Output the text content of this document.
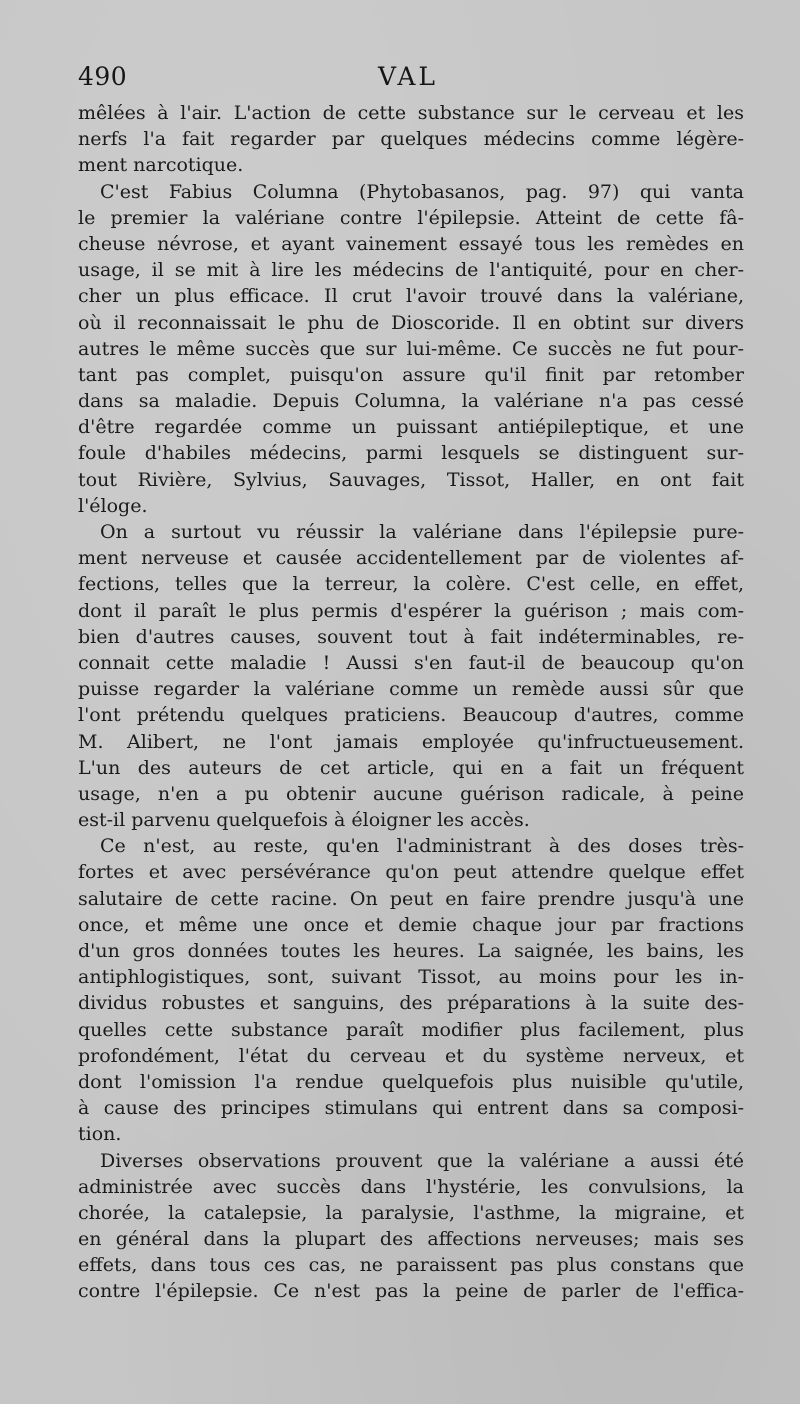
490	VAL
mêlées à l'air. L'action de cette substance sur le cerveau et les
nerfs l'a fait regarder par quelques médecins comme légère-
ment narcotique.
C'est Fabius Columna (Phytobasanos, pag. 97) qui vanta
le premier la valériane contre l'épilepsie. Atteint de cette fâ-
cheuse névrose, et ayant vainement essayé tous les remèdes en
usage, il se mit à lire les médecins de l'antiquité, pour en cher-
cher un plus efficace. Il crut l'avoir trouvé dans la valériane,
où il reconnaissait le phu de Dioscoride. Il en obtint sur divers
autres le même succès que sur lui-même. Ce succès ne fut pour-
tant pas complet, puisqu'on assure qu'il finit par retomber
dans sa maladie. Depuis Columna, la valériane n'a pas cessé
d'être regardée comme un puissant antiépileptique, et une
foule d'habiles médecins, parmi lesquels se distinguent sur-
tout Rivière, Sylvius, Sauvages, Tissot, Haller, en ont fait
l'éloge.
On a surtout vu réussir la valériane dans l'épilepsie pure-
ment nerveuse et causée accidentellement par de violentes af-
fections, telles que la terreur, la colère. C'est celle, en effet,
dont il paraît le plus permis d'espérer la guérison ; mais com-
bien d'autres causes, souvent tout à fait indéterminables, re-
connait cette maladie ! Aussi s'en faut-il de beaucoup qu'on
puisse regarder la valériane comme un remède aussi sûr que
l'ont prétendu quelques praticiens. Beaucoup d'autres, comme
M. Alibert, ne l'ont jamais employée qu'infructueusement.
L'un des auteurs de cet article, qui en a fait un fréquent
usage, n'en a pu obtenir aucune guérison radicale, à peine
est-il parvenu quelquefois à éloigner les accès.
Ce n'est, au reste, qu'en l'administrant à des doses très-
fortes et avec persévérance qu'on peut attendre quelque effet
salutaire de cette racine. On peut en faire prendre jusqu'à une
once, et même une once et demie chaque jour par fractions
d'un gros données toutes les heures. La saignée, les bains, les
antiphlogistiques, sont, suivant Tissot, au moins pour les in-
dividus robustes et sanguins, des préparations à la suite des-
quelles cette substance paraît modifier plus facilement, plus
profondément, l'état du cerveau et du système nerveux, et
dont l'omission l'a rendue quelquefois plus nuisible qu'utile,
à cause des principes stimulans qui entrent dans sa composi-
tion.
Diverses observations prouvent que la valériane a aussi été
administrée avec succès dans l'hystérie, les convulsions, la
chorée, la catalepsie, la paralysie, l'asthme, la migraine, et
en général dans la plupart des affections nerveuses; mais ses
effets, dans tous ces cas, ne paraissent pas plus constans que
contre l'épilepsie. Ce n'est pas la peine de parler de l'effica-
